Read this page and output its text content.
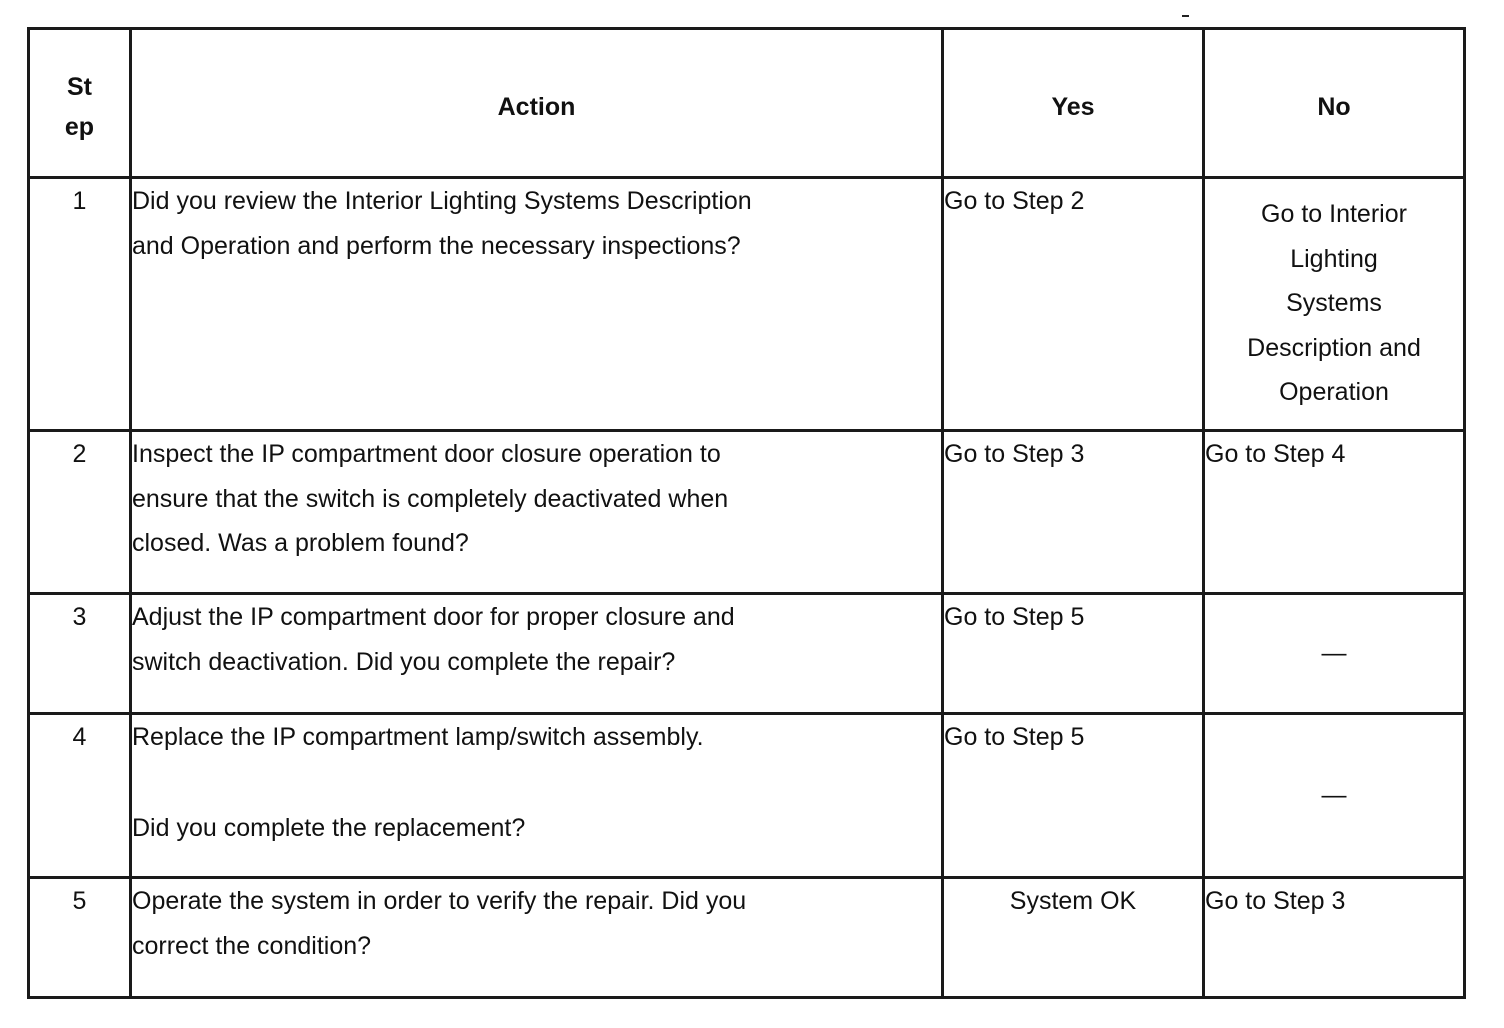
St
ep	Action	Yes	No
1	Did you review the Interior Lighting Systems Description
and Operation and perform the necessary inspections?	Go to Step 2	Go to Interior
Lighting
Systems
Description and
Operation

2	Inspect the IP compartment door closure operation to
ensure that the switch is completely deactivated when
closed. Was a problem found?	Go to Step 3	Go to Step 4
3	Adjust the IP compartment door for proper closure and
switch deactivation. Did you complete the repair?	Go to Step 5	—
4	Replace the IP compartment lamp/switch assembly.
Did you complete the replacement?	Go to Step 5	—
5	Operate the system in order to verify the repair. Did you
correct the condition?	System OK	Go to Step 3
